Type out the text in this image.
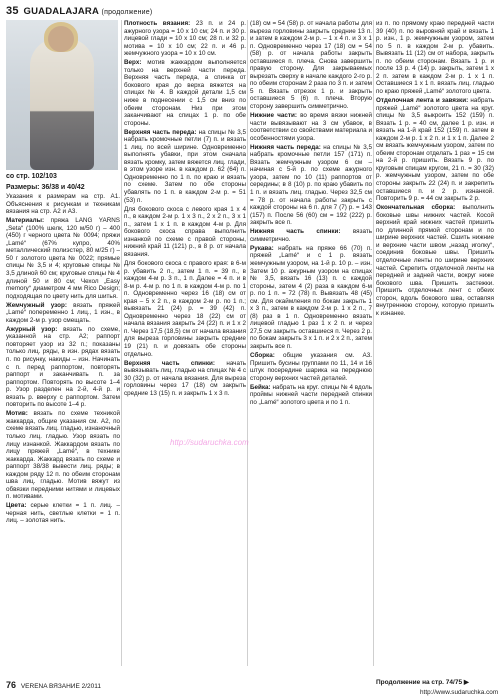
35 GUADALAJARA (продолжение)

со стр. 102/103

Размеры: 36/38 и 40/42

Указания к размерам на стр. А1. Объяснения к рисункам и техникам вязания на стр. А2 и А3.

Материалы: пряжа LANG YARNS „Seta“ (100% шелк, 120 м/50 г) – 400 (450) г черного цвета № 0094; пряжи „Lamé“ (67% купро, 40% металлический полиэстер, 80 м/25 г) – 50 г золотого цвета № 0022; прямые спицы № 3,5 и 4; круговые спицы № 3,5 длиной 60 см; круговые спицы № 4 длиной 50 и 80 см; Чехол „Easy memory“ диаметром 4 мм Rico Design; подходящая по цвету нить для шитья.

Жемчужный узор: вязать пряжей „Lamé“ попеременно 1 лиц., 1 изн., в каждом 2-м р. узор смещать.

Ажурный узор: вязать по схеме, указанной на стр. А2; раппорт повторяет узор из 32 п.; показаны только лиц. ряды, в изн. рядах вязать п. по рисунку, накиды – изн. Начинать с п. перед раппортом, повторять раппорт и заканчивать п. за раппортом. Повторять по высоте 1–4 р. Узор разделен на 2-й, 4-й р. и вязать p. вверху с раппортом. Затем повторить по высоте 1–4 р.

Мотив: вязать по схеме техникой жаккарда, общие указания см. А2, по схеме вязать лиц. гладью, изнаночный только лиц. гладью. Узор вязать по лицу изнанкой. Жаккардом вязать по лицу пряжей „Lamé“, в технике жаккарда. Жаккард вязать по схеме и раппорт 38/38 вывести лиц. ряды; в каждом ряду 12 п. по обеим сторонам шва лиц. гладью. Мотив вяжут из обвязки передними нитями и лицевых п. мотивами.

Цвета: серые клетки = 1 п. лиц. – черная нить, светлые клетки = 1 п. лиц. – золотая нить.

Плотность вязания: 23 п. и 24 р. ажурного узора = 10 х 10 см; 24 п. и 30 р. лицевой глади = 10 х 10 см; 28 п. и 32 р. мотива = 10 х 10 см; 22 п. и 46 р. жемчужного узора = 10 х 10 см.

Верх: мотив жаккардом выполняется только на верхней части переда. Верхняя часть переда, а спинка от бокового края до верха вяжется на спицах № 4. В каждой детали 1,5 см ниже в поднесении с 1,5 см вниз по обеим сторонам. Низ при этом заканчивают на спицах 1 р. по обе стороны.

Верхняя часть переда: на спицы № 3,5 набрать кромочные петли (7) п. и вязать 1 лиц. по всей ширине. Одновременно выполнять убавки, при этом сначала вязать кромку, затем вяжется лиц. глади, в этом узоре изн. в каждом р. 62 (64) п. Одновременно по 1 п. по краю и вязать по схеме. Затем по обе стороны убавлять по 1 п. в каждом 2-м р. = 51 (53) п.

Для бокового скоса с левого края 1 х 4 п., в каждом 2-м р. 1 х 3 п., 2 х 2 п., 3 х 1 п., затем 1 х 1 п. в каждом 4-м р. Для бокового скоса справа выполнить изнанкой по схеме с правой стороны, нижний край 11 (121) р., в 8 р. от начала вязания.

Для бокового скоса с правого края: в 6-м р. убавить 2 п., затем 1 п. = 39 п., в каждом 4-м р. 3 п., 1 п. Далее = 4 п. и в 8-м р. 4-м р. по 1 п. в каждом 4-м р. по 1 п. Одновременно через 16 (18) см от края – 5 х 2 п., в каждом 2-м р. по 1 п.; вывязать 21 (24) р. = 39 (42) п. Одновременно через 18 (22) см от начала вязания закрыть 24 (22) п. и 1 х 2 п. Через 17,5 (18,5) см от начала вязания для выреза горловины закрыть средние 19 (21) п. и довязать обе стороны отдельно.

Верхняя часть спинки: начать вывязывать лиц. гладью на спицах № 4 с 30 (32) р. от начала вязания. Для выреза горловины через 17 (18) см закрыть средние 13 (15) п. и закрыть 1 х 3 п.

(18) см = 54 (58) р. от начала работы для выреза горловины закрыть средние 13 п. и затем в каждом 2-м р. – 1 х 4 п. и 3 х 1 п. Одновременно через 17 (18) см = 54 (58) р. от начала работы закрыть оставшиеся п. плеча. Снова завершить правую сторону. Для закрываемых вырезать сверху в начале каждого 2-го р. по обеим сторонам 2 раза по 3 п. и затем 5 п. Вязать отрезок 1 р. и закрыть оставшиеся 5 (6) п. плеча. Вторую сторону завершить симметрично.

Нижние части: во время вязки нижней части вывязывают на 3 см убавок, в соответствии со свойствами материала и особенностями узора.

Нижняя часть переда: на спицы № 3,5 набрать кромочные петли 157 (171) п. Вязать жемчужным узором 6 см – начиная с 5-й р. по схеме ажурного узора, затем по 10 (11) раппортов от середины; в 8 (10) р. по краю убавить по 1 п. и вязать лиц. гладью. Через 32,5 см = 78 р. от начала работы закрыть с каждой стороны на 6 п. для 7 (7) р. = 143 (157) п. После 56 (60) см = 192 (222) р. закрыть все п.

Нижняя часть спинки: вязать симметрично.

Рукава: набрать на пряже 66 (70) п. пряжей „Lamé“ и с 1 р. вязать жемчужным узором, на 1-й р. 10 р. – изн. Затем 10 р. ажурным узором на спицах № 3,5, вязать 16 (13) п. с каждой стороны, затем 4 (2) раза в каждом 6-м р. по 1 п. = 72 (78) п. Вывязать 48 (45) см. Для окаймления по бокам закрыть 1 х 3 п., затем в каждом 2-м р. 1 х 2 п., 7 (8) раз в 1 п. Одновременно вязать лицевой гладью 1 раз 1 х 2 п. и через 27,5 см закрыть оставшиеся п. Через 2 р. по бокам закрыть 3 х 1 п. и 2 х 2 п., затем закрыть все п.

Сборка: общие указания см. А3. Пришить бусины группами по 11, 14 и 16 штук посередине шарика на переднюю сторону верхних частей деталей.

Бейка: набрать на круг. спицы № 4 вдоль проймы нижней части передней спинки по „Lamé“ золотого цвета и по 1 п.

из п. по прямому краю передней части 39 (40) п. по выровняй край и вязать 1 р. изн., 1 р. жемчужным узором, затем по 5 п. в каждом 2-м р. убавить. Вывязать 11 (12) см от набора, закрыть п. по обеим сторонам. Вязать 1 р. и после 13 р. 4 (14) р. закрыть, затем 1 х 2 п. затем в каждом 2-м р. 1 х 1 п. Оставшиеся 1 х 1 п. вязать лиц. гладью по краю пряжей „Lamé“ золотого цвета.

Отделочная лента и завязки: набрать пряжей „Lamé“ золотого цвета на круг. спицы № 3,5 выкроить 152 (159) п. Вязать 1 р. = 40 см, далее 1 р. изн. и вязать на 1-й край 152 (159) п. затем в каждом 2-м р. 1 х 2 п. и 1 х 1 п. Далее 2 см вязать жемчужным узором, затем по обеим сторонам отделать 1 раз = 15 см на 2-й р. пришить. Вязать 9 р. по круговым спицам кругом, 21 п. = 30 (32) р. жемчужным узором, затем по обе стороны закрыть 22 (24) п. и закрепить оставшиеся п. и 2 р. изнанкой. Повторить 9 р. = 44 см закрыть 2 р.

Окончательная сборка: выполнить боковые швы нижних частей. Косой верхний край нижних частей пришить по длинной прямой сторонам и по ширине верхних частей. Сшить нижние и верхние части швом „назад иголку“, соединив боковые швы. Пришить отделочные ленты по ширине верхних частей. Скрепить отделочной ленты на передней и задней части, вокруг ниже бокового шва. Пришить застежки. Пришить отделочных лент с обеих сторон, вдоль бокового шва, оставляя внутреннюю сторону, которую пришить к изнанке.

http://sudaruchka.com
Продолжение на стр. 74/75 ▶
76 VERENA ВЯЗАНИЕ 2/2011
http://www.sudaruchka.com
